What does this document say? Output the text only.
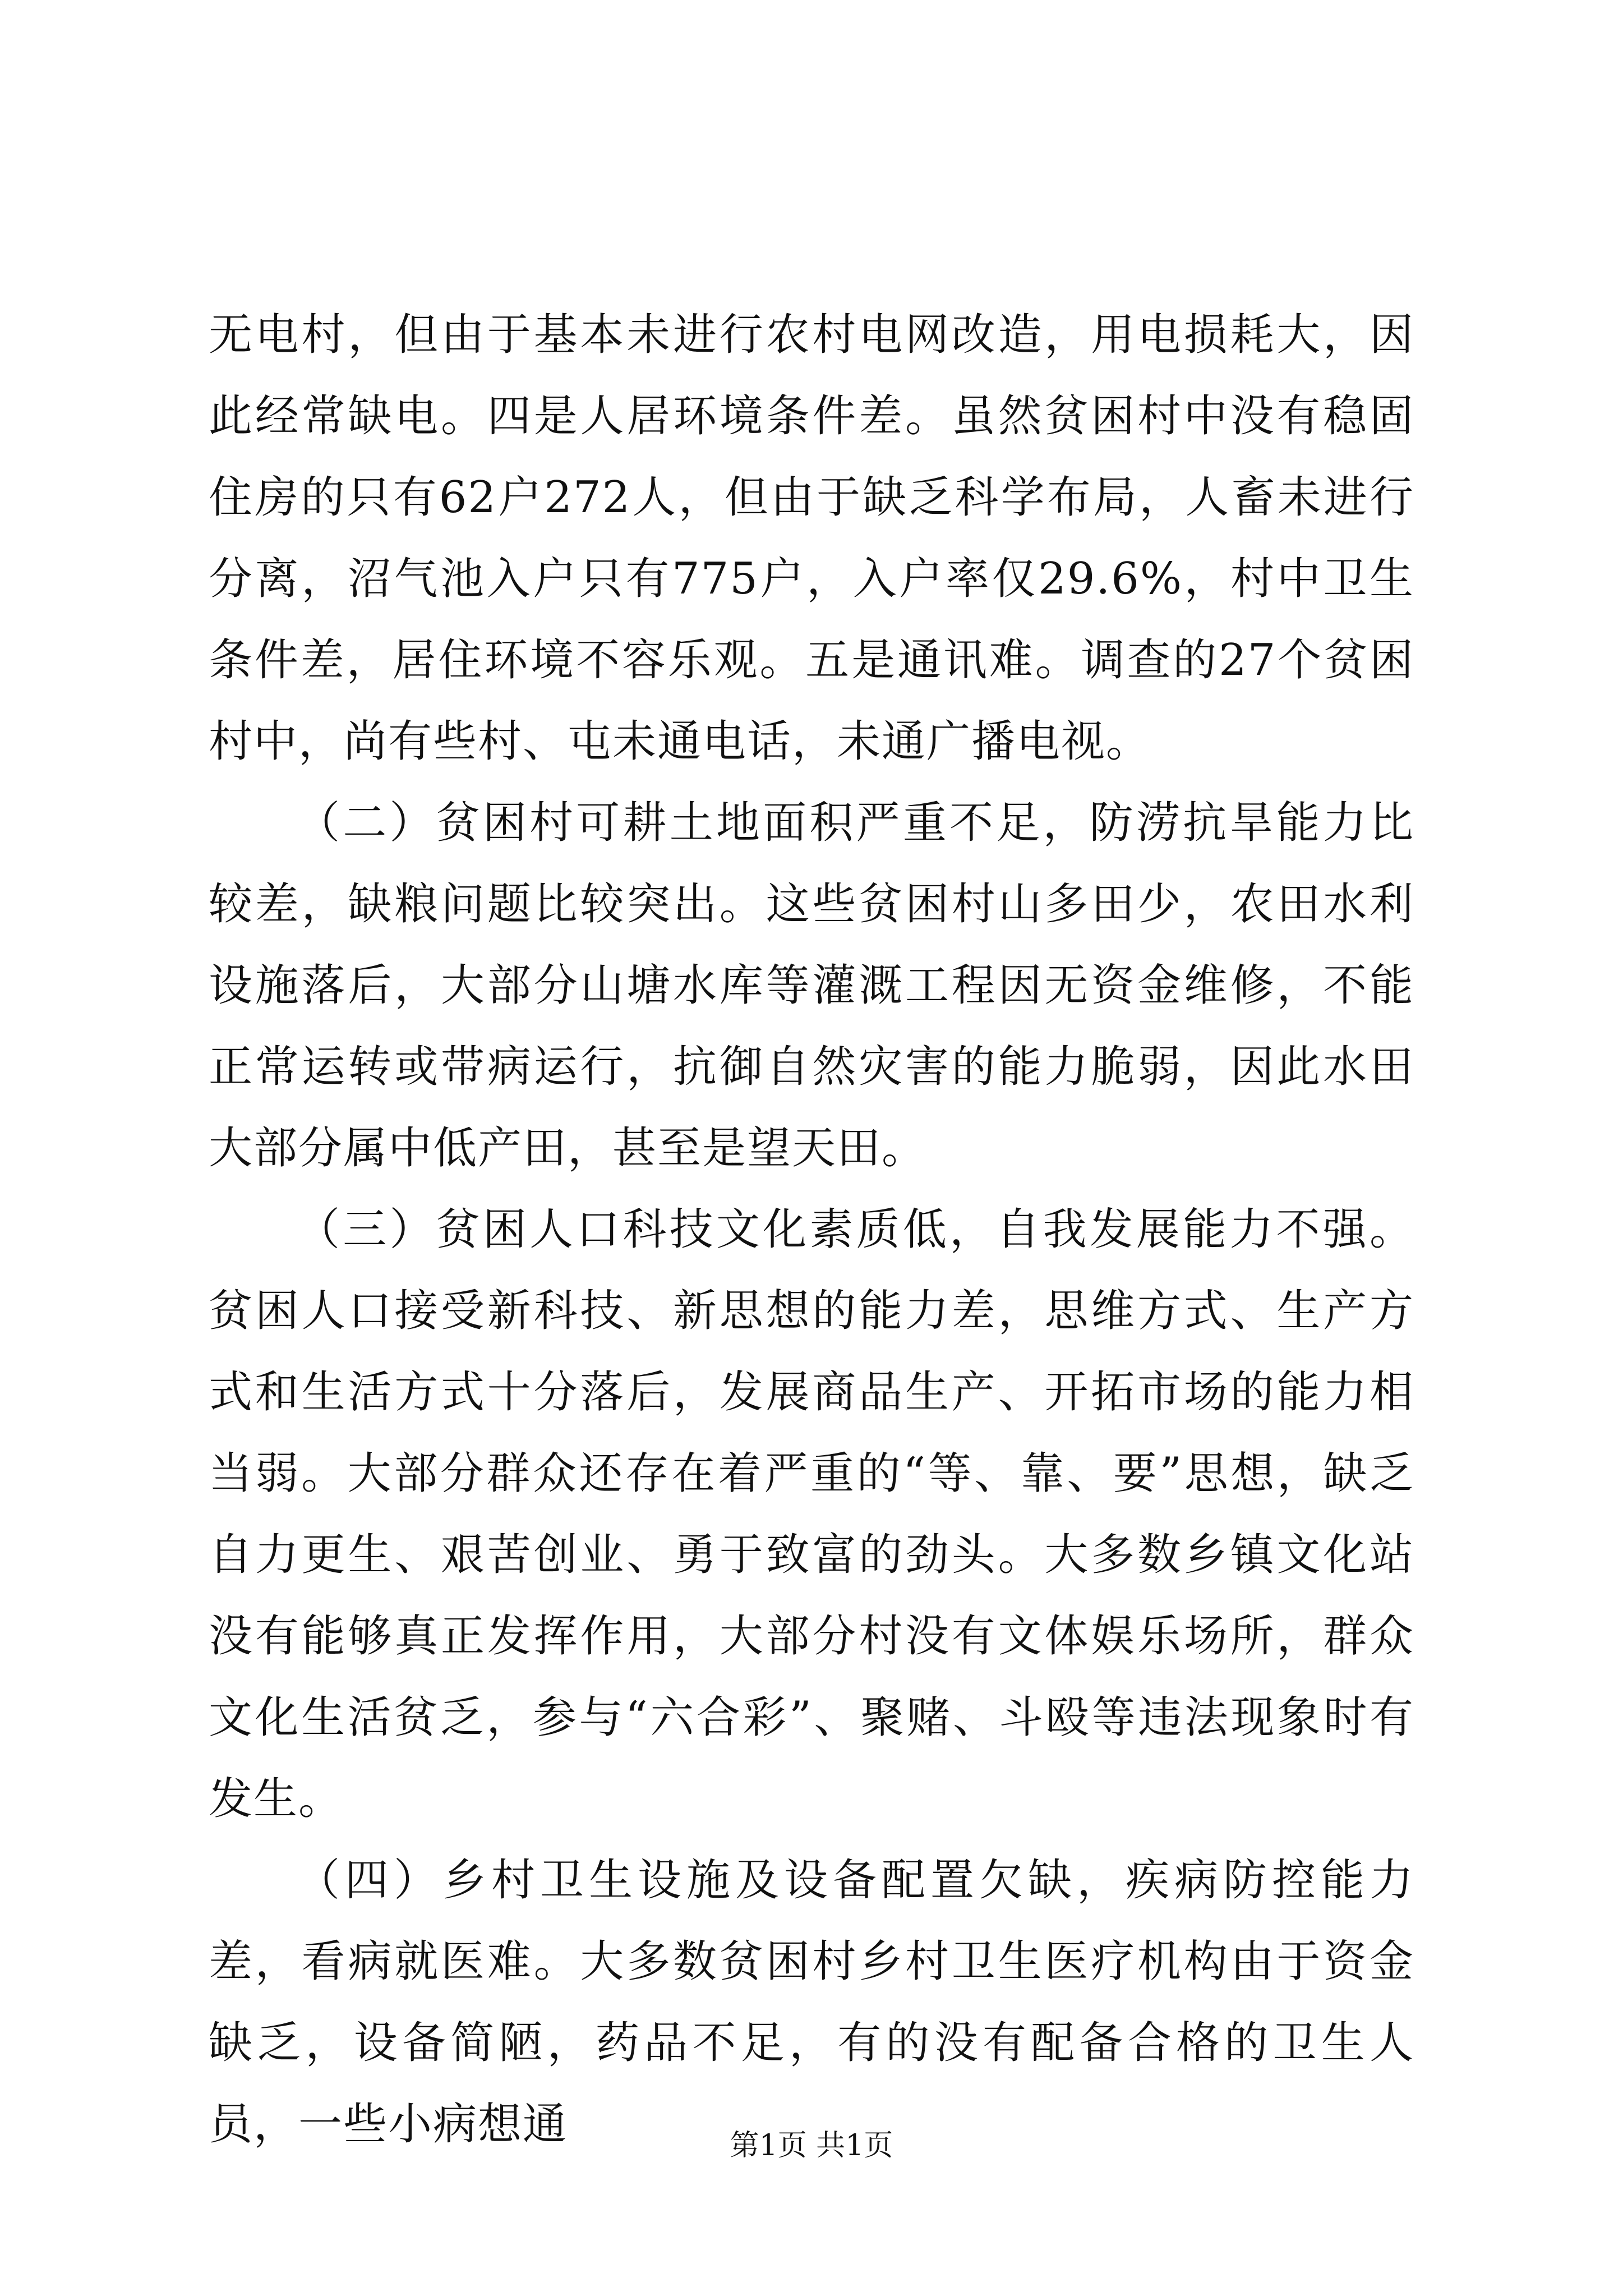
无电村，但由于基本未进行农村电网改造，用电损耗大，因此经常缺电。四是人居环境条件差。虽然贫困村中没有稳固住房的只有62户272人，但由于缺乏科学布局，人畜未进行分离，沼气池入户只有775户，入户率仅29.6%，村中卫生条件差，居住环境不容乐观。五是通讯难。调查的27个贫困村中，尚有些村、屯未通电话，未通广播电视。

（二）贫困村可耕土地面积严重不足，防涝抗旱能力比较差，缺粮问题比较突出。这些贫困村山多田少，农田水利设施落后，大部分山塘水库等灌溉工程因无资金维修，不能正常运转或带病运行，抗御自然灾害的能力脆弱，因此水田大部分属中低产田，甚至是望天田。

（三）贫困人口科技文化素质低，自我发展能力不强。贫困人口接受新科技、新思想的能力差，思维方式、生产方式和生活方式十分落后，发展商品生产、开拓市场的能力相当弱。大部分群众还存在着严重的“等、靠、要”思想，缺乏自力更生、艰苦创业、勇于致富的劲头。大多数乡镇文化站没有能够真正发挥作用，大部分村没有文体娱乐场所，群众文化生活贫乏，参与“六合彩”、聚赌、斗殴等违法现象时有发生。

（四）乡村卫生设施及设备配置欠缺，疾病防控能力差，看病就医难。大多数贫困村乡村卫生医疗机构由于资金缺乏，设备简陋，药品不足，有的没有配备合格的卫生人员，一些小病想通	第1页 共1页
